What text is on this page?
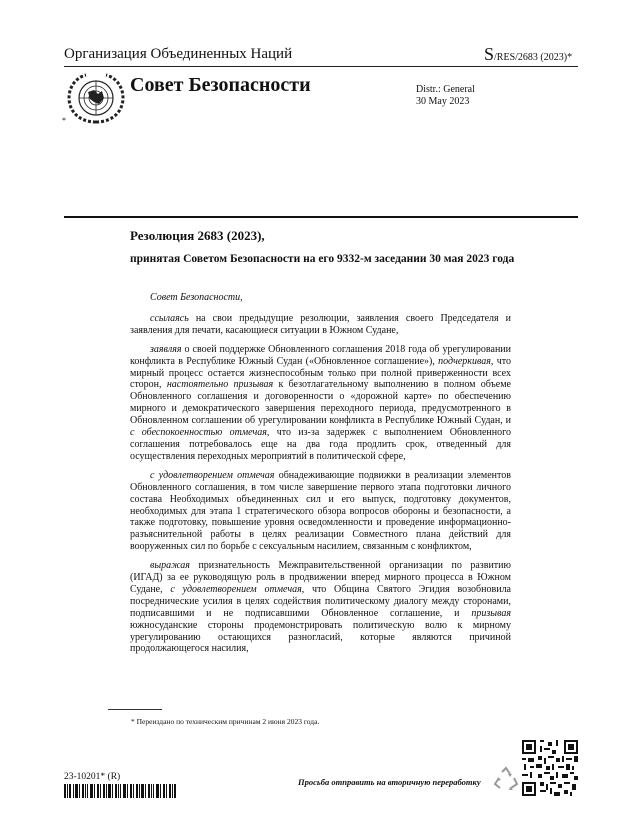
Организация Объединенных Наций	S/RES/2683 (2023)*
*
Совет Безопасности	Distr.: General
30 May 2023
Резолюция 2683 (2023),
принятая Советом Безопасности на его 9332-м заседании 30 мая 2023 года

Совет Безопасности,

ссылаясь на свои предыдущие резолюции, заявления своего Председателя и заявления для печати, касающиеся ситуации в Южном Судане,

заявляя о своей поддержке Обновленного соглашения 2018 года об урегулировании конфликта в Республике Южный Судан («Обновленное соглашение»), подчеркивая, что мирный процесс остается жизнеспособным только при полной приверженности всех сторон, настоятельно призывая к безотлагательному выполнению в полном объеме Обновленного соглашения и договоренности о «дорожной карте» по обеспечению мирного и демократического завершения переходного периода, предусмотренного в Обновленном соглашении об урегулировании конфликта в Республике Южный Судан, и с обеспокоенностью отмечая, что из-за задержек с выполнением Обновленного соглашения потребовалось еще на два года продлить срок, отведенный для осуществления переходных мероприятий в политической сфере,

с удовлетворением отмечая обнадеживающие подвижки в реализации элементов Обновленного соглашения, в том числе завершение первого этапа подготовки личного состава Необходимых объединенных сил и его выпуск, подготовку документов, необходимых для этапа 1 стратегического обзора вопросов обороны и безопасности, а также подготовку, повышение уровня осведомленности и проведение информационно-разъяснительной работы в целях реализации Совместного плана действий для вооруженных сил по борьбе с сексуальным насилием, связанным с конфликтом,

выражая признательность Межправительственной организации по развитию (ИГАД) за ее руководящую роль в продвижении вперед мирного процесса в Южном Судане, с удовлетворением отмечая, что Община Святого Эгидия возобновила посреднические усилия в целях содействия политическому диалогу между сторонами, подписавшими и не подписавшими Обновленное соглашение, и призывая южносуданские стороны продемонстрировать политическую волю к мирному урегулированию остающихся разногласий, которые являются причиной продолжающегося насилия,

* Переиздано по техническим причинам 2 июня 2023 года.
23-10201* (R)	Просьба отправить на вторичную переработку
